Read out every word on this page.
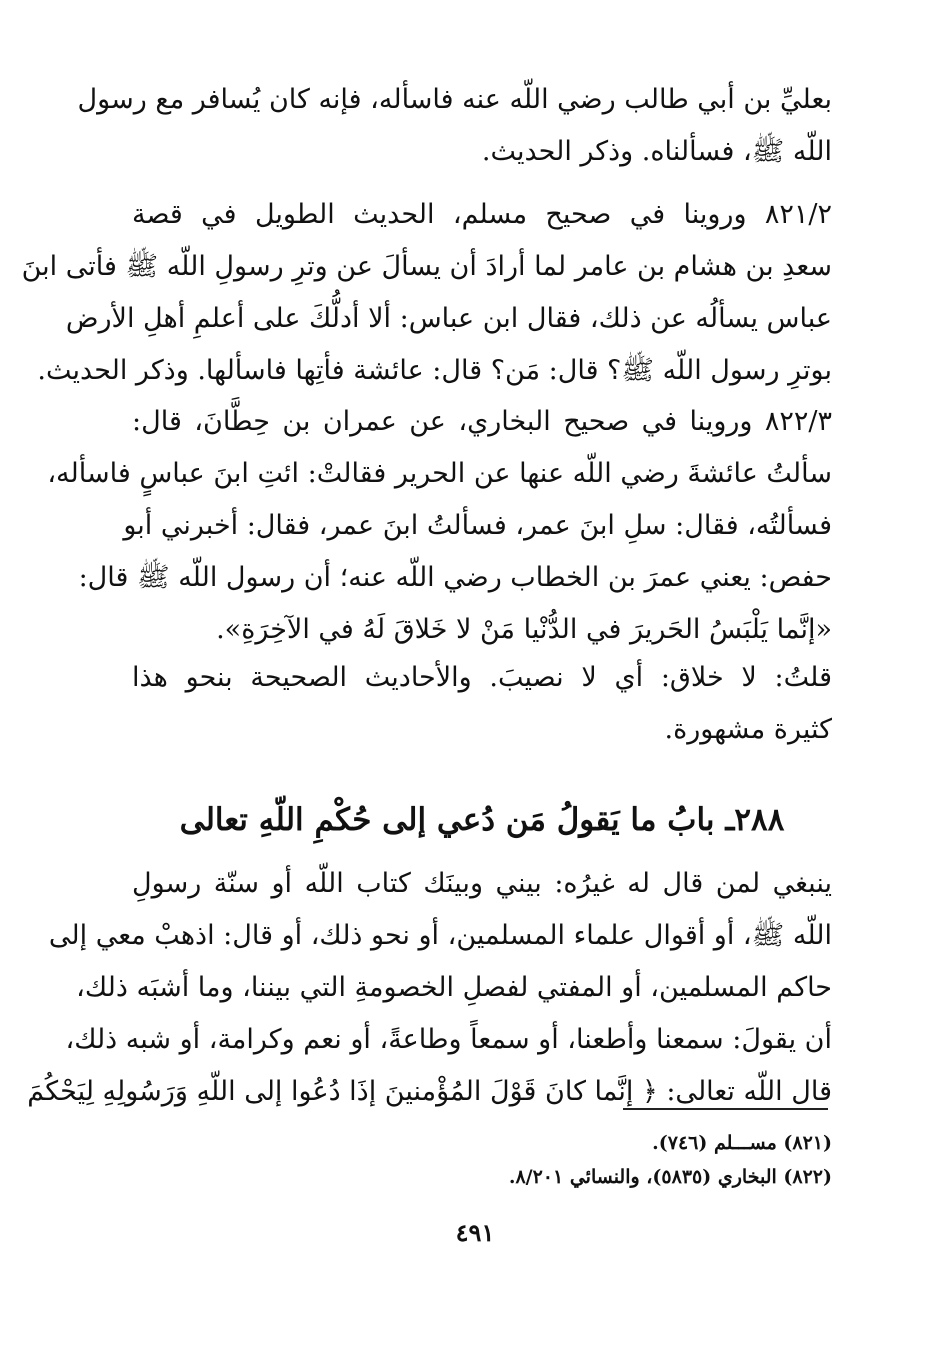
بعليِّ بن أبي طالب رضي اللّه عنه فاسأله، فإنه كان يُسافر مع رسول
اللّه ﷺ، فسألناه. وذكر الحديث.
٨٢١/٢ وروينا في صحيح مسلم، الحديث الطويل في قصة
سعدِ بن هشام بن عامر لما أرادَ أن يسألَ عن وترِ رسولِ اللّه ﷺ فأتى ابنَ
عباس يسألُه عن ذلك، فقال ابن عباس: ألا أدلُّكَ على أعلمِ أهلِ الأرض
بوترِ رسول اللّه ﷺ؟ قال: مَن؟ قال: عائشة فأتِها فاسألها. وذكر الحديث.
٨٢٢/٣ وروينا في صحيح البخاري، عن عمران بن حِطَّانَ، قال:
سألتُ عائشةَ رضي اللّه عنها عن الحرير فقالتْ: ائتِ ابنَ عباسٍ فاسأله،
فسألتُه، فقال: سلِ ابنَ عمر، فسألتُ ابنَ عمر، فقال: أخبرني أبو
حفص: يعني عمرَ بن الخطاب رضي اللّه عنه؛ أن رسول اللّه ﷺ قال:
«إنَّما يَلْبَسُ الحَريرَ في الدُّنْيا مَنْ لا خَلاقَ لَهُ في الآخِرَةِ».
قلتُ: لا خلاق: أي لا نصيبَ. والأحاديث الصحيحة بنحو هذا
كثيرة مشهورة.
٢٨٨ـ بابُ ما يَقولُ مَن دُعي إلى حُكْمِ اللّهِ تعالى
ينبغي لمن قال له غيرُه: بيني وبينَك كتاب اللّه أو سنّة رسولِ
اللّه ﷺ، أو أقوال علماء المسلمين، أو نحو ذلك، أو قال: اذهبْ معي إلى
حاكم المسلمين، أو المفتي لفصلِ الخصومةِ التي بيننا، وما أشبَه ذلك،
أن يقولَ: سمعنا وأطعنا، أو سمعاً وطاعةً، أو نعم وكرامة، أو شبه ذلك،
قال اللّه تعالى: ﴿ إنَّما كانَ قَوْلَ المُؤْمنينَ إذَا دُعُوا إلى اللّهِ وَرَسُولِهِ لِيَحْكُمَ
(٨٢١) مســـلم (٧٤٦).
(٨٢٢) البخاري (٥٨٣٥)، والنسائي ٨/٢٠١.
٤٩١
